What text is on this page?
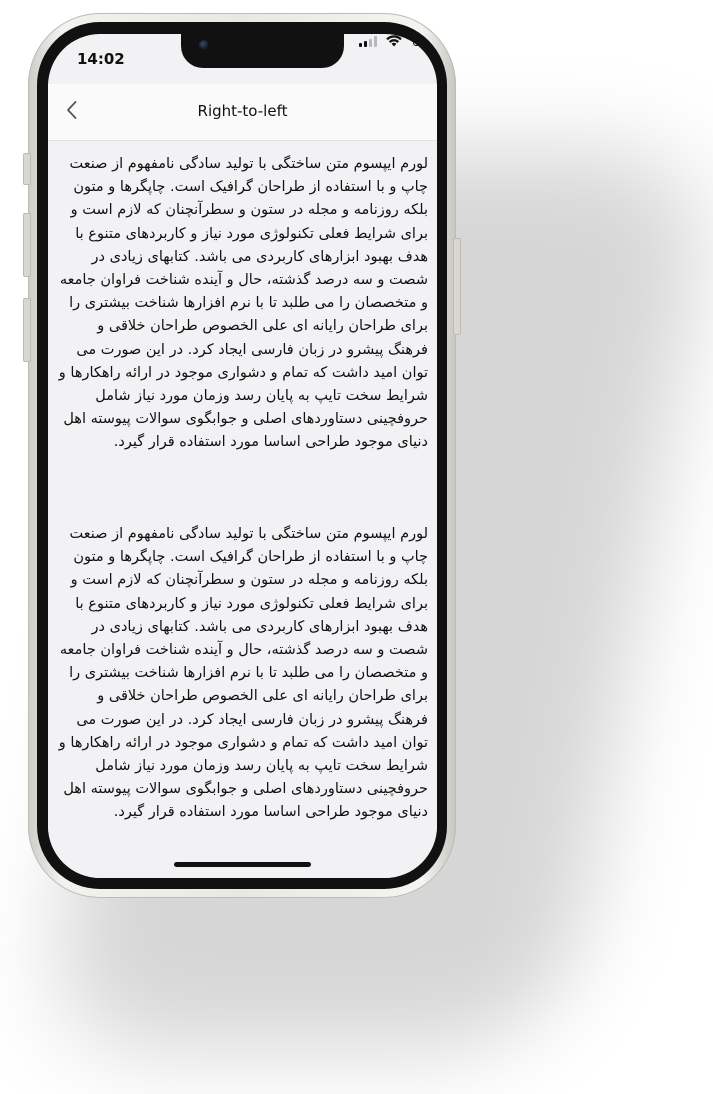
14:02
Right-to-left

لورم ایپسوم متن ساختگی با تولید سادگی نامفهوم از صنعت چاپ و با استفاده از طراحان گرافیک است. چاپگرها و متون بلکه روزنامه و مجله در ستون و سطرآنچنان که لازم است و برای شرایط فعلی تکنولوژی مورد نیاز و کاربردهای متنوع با هدف بهبود ابزارهای کاربردی می باشد. کتابهای زیادی در شصت و سه درصد گذشته، حال و آینده شناخت فراوان جامعه و متخصصان را می طلبد تا با نرم افزارها شناخت بیشتری را برای طراحان رایانه ای علی الخصوص طراحان خلاقی و فرهنگ پیشرو در زبان فارسی ایجاد کرد. در این صورت می توان امید داشت که تمام و دشواری موجود در ارائه راهکارها و شرایط سخت تایپ به پایان رسد وزمان مورد نیاز شامل حروفچینی دستاوردهای اصلی و جوابگوی سوالات پیوسته اهل دنیای موجود طراحی اساسا مورد استفاده قرار گیرد.

لورم ایپسوم متن ساختگی با تولید سادگی نامفهوم از صنعت چاپ و با استفاده از طراحان گرافیک است. چاپگرها و متون بلکه روزنامه و مجله در ستون و سطرآنچنان که لازم است و برای شرایط فعلی تکنولوژی مورد نیاز و کاربردهای متنوع با هدف بهبود ابزارهای کاربردی می باشد. کتابهای زیادی در شصت و سه درصد گذشته، حال و آینده شناخت فراوان جامعه و متخصصان را می طلبد تا با نرم افزارها شناخت بیشتری را برای طراحان رایانه ای علی الخصوص طراحان خلاقی و فرهنگ پیشرو در زبان فارسی ایجاد کرد. در این صورت می توان امید داشت که تمام و دشواری موجود در ارائه راهکارها و شرایط سخت تایپ به پایان رسد وزمان مورد نیاز شامل حروفچینی دستاوردهای اصلی و جوابگوی سوالات پیوسته اهل دنیای موجود طراحی اساسا مورد استفاده قرار گیرد.
